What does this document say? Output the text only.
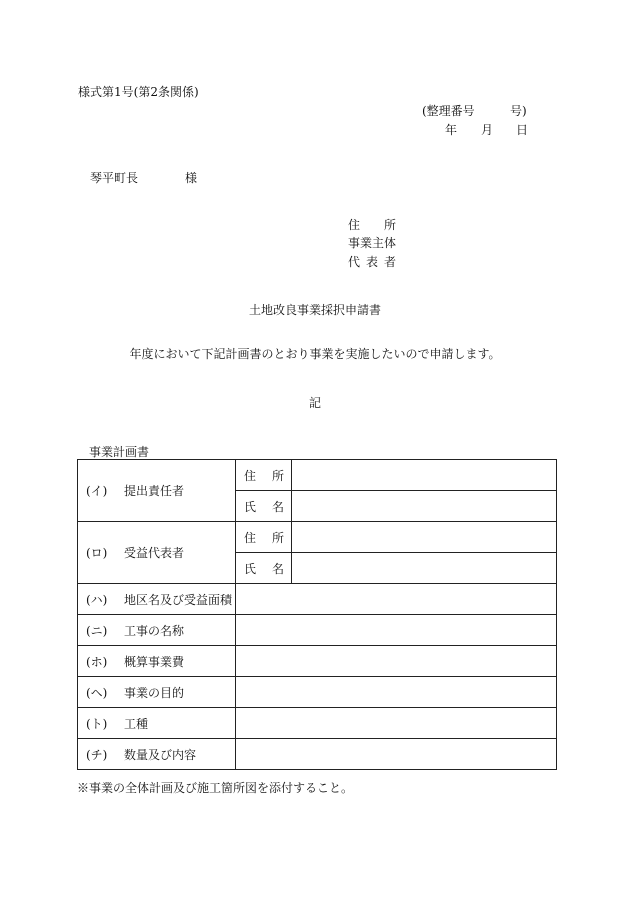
様式第1号(第2条関係)
(整理番号	号)
年 月 日
琴平町長	様
住 所
事 業 主 体
代 表 者
土地改良事業採択申請書
年度において下記計画書のとおり事業を実施したいので申請します。
記
事業計画書
(イ) 提出責任者	住 所	

	氏 名	

(ロ) 受益代表者	住 所	

	氏 名	

(ハ) 地区名及び受益面積		
(ニ) 工事の名称		
(ホ) 概算事業費		
(ヘ) 事業の目的		
(ト) 工種		
(チ) 数量及び内容		
※事業の全体計画及び施工箇所図を添付すること。
